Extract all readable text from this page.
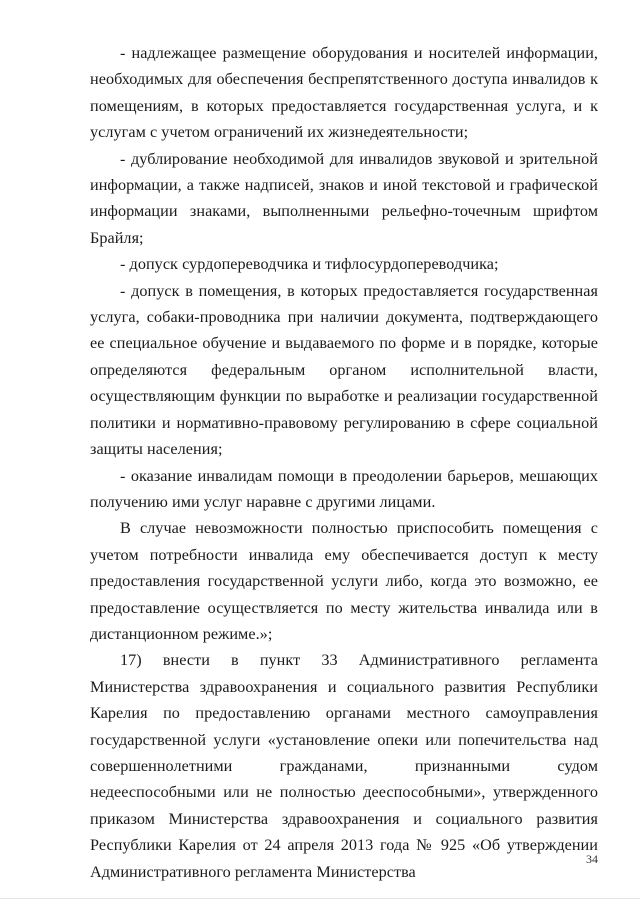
- надлежащее размещение оборудования и носителей информации, необходимых для обеспечения беспрепятственного доступа инвалидов к помещениям, в которых предоставляется государственная услуга, и к услугам с учетом ограничений их жизнедеятельности;

- дублирование необходимой для инвалидов звуковой и зрительной информации, а также надписей, знаков и иной текстовой и графической информации знаками, выполненными рельефно-точечным шрифтом Брайля;

- допуск сурдопереводчика и тифлосурдопереводчика;

- допуск в помещения, в которых предоставляется государственная услуга, собаки-проводника при наличии документа, подтверждающего ее специальное обучение и выдаваемого по форме и в порядке, которые определяются федеральным органом исполнительной власти, осуществляющим функции по выработке и реализации государственной политики и нормативно-правовому регулированию в сфере социальной защиты населения;

- оказание инвалидам помощи в преодолении барьеров, мешающих получению ими услуг наравне с другими лицами.

В случае невозможности полностью приспособить помещения с учетом потребности инвалида ему обеспечивается доступ к месту предоставления государственной услуги либо, когда это возможно, ее предоставление осуществляется по месту жительства инвалида или в дистанционном режиме.»;

17) внести в пункт 33 Административного регламента Министерства здравоохранения и социального развития Республики Карелия по предоставлению органами местного самоуправления государственной услуги «установление опеки или попечительства над совершеннолетними гражданами, признанными судом недееспособными или не полностью дееспособными», утвержденного приказом Министерства здравоохранения и социального развития Республики Карелия от 24 апреля 2013 года № 925 «Об утверждении Административного регламента Министерства

34
